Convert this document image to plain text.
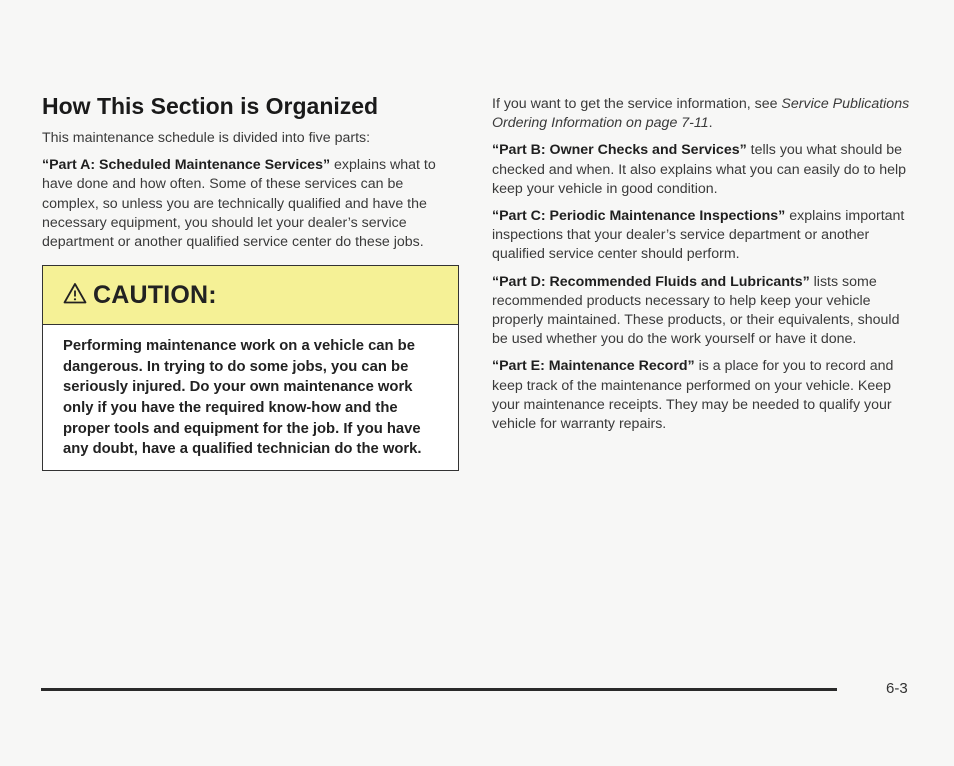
How This Section is Organized

This maintenance schedule is divided into five parts:

“Part A: Scheduled Maintenance Services” explains what to have done and how often. Some of these services can be complex, so unless you are technically qualified and have the necessary equipment, you should let your dealer’s service department or another qualified service center do these jobs.

CAUTION:
Performing maintenance work on a vehicle can be dangerous. In trying to do some jobs, you can be seriously injured. Do your own maintenance work only if you have the required know-how and the proper tools and equipment for the job. If you have any doubt, have a qualified technician do the work.

If you want to get the service information, see Service Publications Ordering Information on page 7-11.

“Part B: Owner Checks and Services” tells you what should be checked and when. It also explains what you can easily do to help keep your vehicle in good condition.

“Part C: Periodic Maintenance Inspections” explains important inspections that your dealer’s service department or another qualified service center should perform.

“Part D: Recommended Fluids and Lubricants” lists some recommended products necessary to help keep your vehicle properly maintained. These products, or their equivalents, should be used whether you do the work yourself or have it done.

“Part E: Maintenance Record” is a place for you to record and keep track of the maintenance performed on your vehicle. Keep your maintenance receipts. They may be needed to qualify your vehicle for warranty repairs.

6-3
